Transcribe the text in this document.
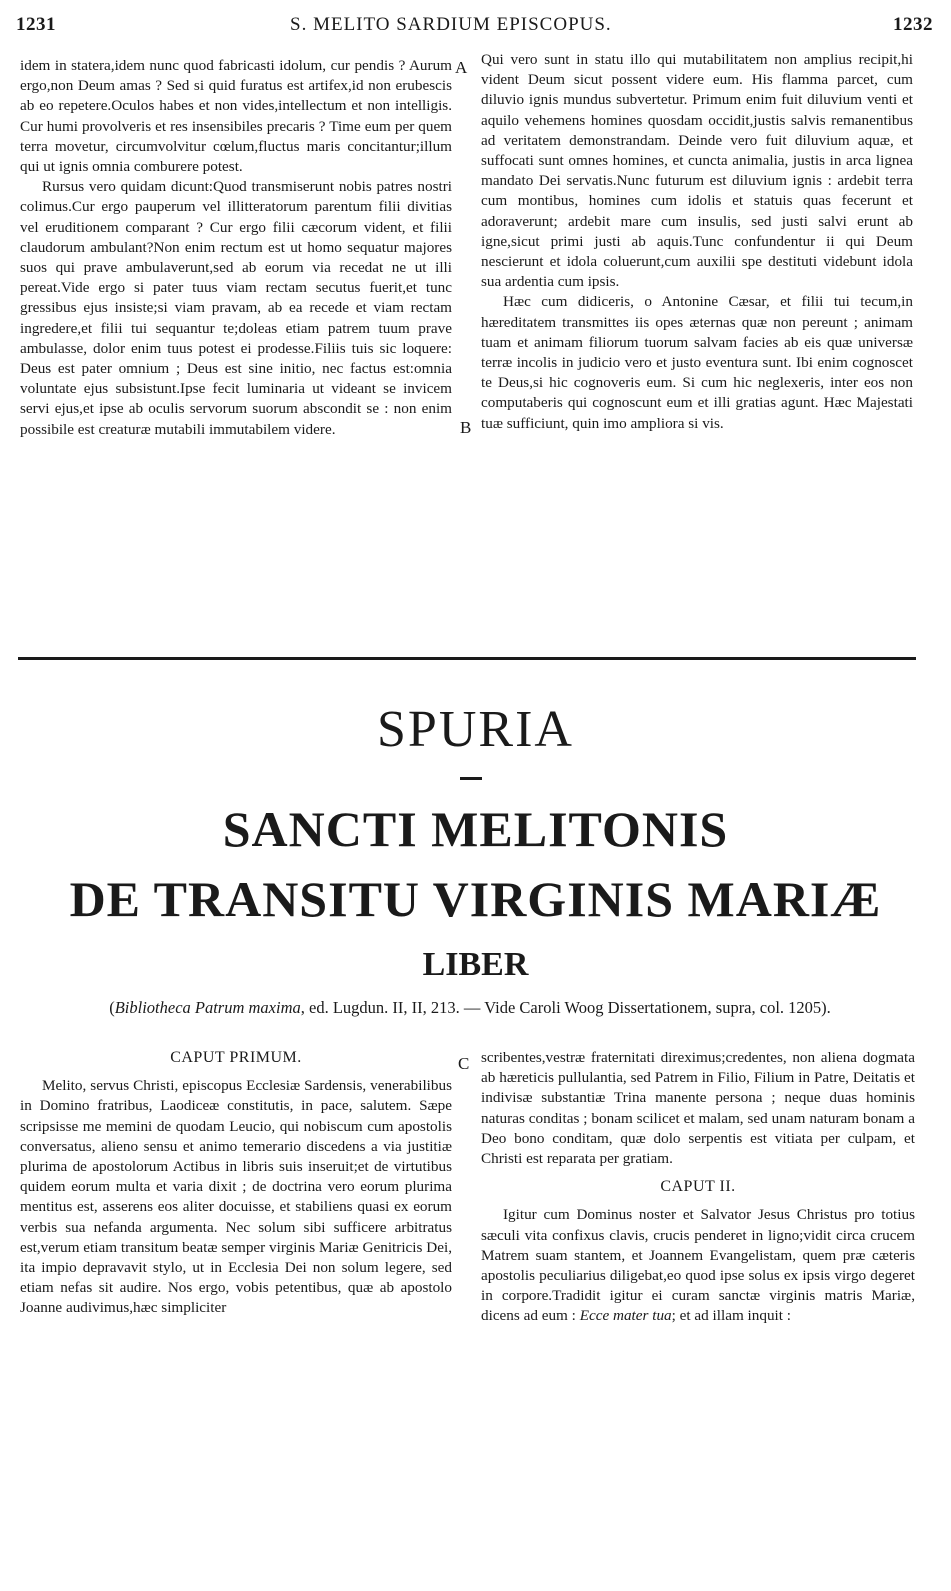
1231	S. MELITO SARDIUM EPISCOPUS.	1232

idem in statera,idem nunc quod fabricasti idolum, cur pendis ? Aurum ergo,non Deum amas ? Sed si quid furatus est artifex,id non erubescis ab eo repetere.Oculos habes et non vides,intellectum et non intelligis. Cur humi provolveris et res insensibiles precaris ? Time eum per quem terra movetur, circumvolvitur cœlum,fluctus maris concitantur;illum qui ut ignis omnia comburere potest.

Rursus vero quidam dicunt:Quod transmiserunt nobis patres nostri colimus.Cur ergo pauperum vel illitteratorum parentum filii divitias vel eruditionem comparant ? Cur ergo filii cæcorum vident, et filii claudorum ambulant?Non enim rectum est ut homo sequatur majores suos qui prave ambulaverunt,sed ab eorum via recedat ne ut illi pereat.Vide ergo si pater tuus viam rectam secutus fuerit,et tunc gressibus ejus insiste;si viam pravam, ab ea recede et viam rectam ingredere,et filii tui sequantur te;doleas etiam patrem tuum prave ambulasse, dolor enim tuus potest ei prodesse.Filiis tuis sic loquere: Deus est pater omnium ; Deus est sine initio, nec factus est:omnia voluntate ejus subsistunt.Ipse fecit luminaria ut videant se invicem servi ejus,et ipse ab oculis servorum suorum abscondit se : non enim possibile est creaturæ mutabili immutabilem videre.

A
B

Qui vero sunt in statu illo qui mutabilitatem non amplius recipit,hi vident Deum sicut possent videre eum. His flamma parcet, cum diluvio ignis mundus subvertetur. Primum enim fuit diluvium venti et aquilo vehemens homines quosdam occidit,justis salvis remanentibus ad veritatem demonstrandam. Deinde vero fuit diluvium aquæ, et suffocati sunt omnes homines, et cuncta animalia, justis in arca lignea mandato Dei servatis.Nunc futurum est diluvium ignis : ardebit terra cum montibus, homines cum idolis et statuis quas fecerunt et adoraverunt; ardebit mare cum insulis, sed justi salvi erunt ab igne,sicut primi justi ab aquis.Tunc confundentur ii qui Deum nescierunt et idola coluerunt,cum auxilii spe destituti videbunt idola sua ardentia cum ipsis.

Hæc cum didiceris, o Antonine Cæsar, et filii tui tecum,in hæreditatem transmittes iis opes æternas quæ non pereunt ; animam tuam et animam filiorum tuorum salvam facies ab eis quæ universæ terræ incolis in judicio vero et justo eventura sunt. Ibi enim cognoscet te Deus,si hic cognoveris eum. Si cum hic neglexeris, inter eos non computaberis qui cognoscunt eum et illi gratias agunt. Hæc Majestati tuæ sufficiunt, quin imo ampliora si vis.

SPURIA
SANCTI MELITONIS
DE TRANSITU VIRGINIS MARIÆ
LIBER
(Bibliotheca Patrum maxima, ed. Lugdun. II, II, 213. — Vide Caroli Woog Dissertationem, supra, col. 1205).
CAPUT PRIMUM.

Melito, servus Christi, episcopus Ecclesiæ Sardensis, venerabilibus in Domino fratribus, Laodiceæ constitutis, in pace, salutem. Sæpe scripsisse me memini de quodam Leucio, qui nobiscum cum apostolis conversatus, alieno sensu et animo temerario discedens a via justitiæ plurima de apostolorum Actibus in libris suis inseruit;et de virtutibus quidem eorum multa et varia dixit ; de doctrina vero eorum plurima mentitus est, asserens eos aliter docuisse, et stabiliens quasi ex eorum verbis sua nefanda argumenta. Nec solum sibi sufficere arbitratus est,verum etiam transitum beatæ semper virginis Mariæ Genitricis Dei, ita impio depravavit stylo, ut in Ecclesia Dei non solum legere, sed etiam nefas sit audire. Nos ergo, vobis petentibus, quæ ab apostolo Joanne audivimus,hæc simpliciter

C scribentes,vestræ fraternitati direximus;credentes, non aliena dogmata ab hæreticis pullulantia, sed Patrem in Filio, Filium in Patre, Deitatis et indivisæ substantiæ Trina manente persona ; neque duas hominis naturas conditas ; bonam scilicet et malam, sed unam naturam bonam a Deo bono conditam, quæ dolo serpentis est vitiata per culpam, et Christi est reparata per gratiam.

CAPUT II.

Igitur cum Dominus noster et Salvator Jesus Christus pro totius sæculi vita confixus clavis, crucis penderet in ligno;vidit circa crucem Matrem suam stantem, et Joannem Evangelistam, quem præ cæteris apostolis peculiarius diligebat,eo quod ipse solus ex ipsis virgo degeret in corpore.Tradidit igitur ei curam sanctæ virginis matris Mariæ, dicens ad eum : Ecce mater tua; et ad illam inquit :
